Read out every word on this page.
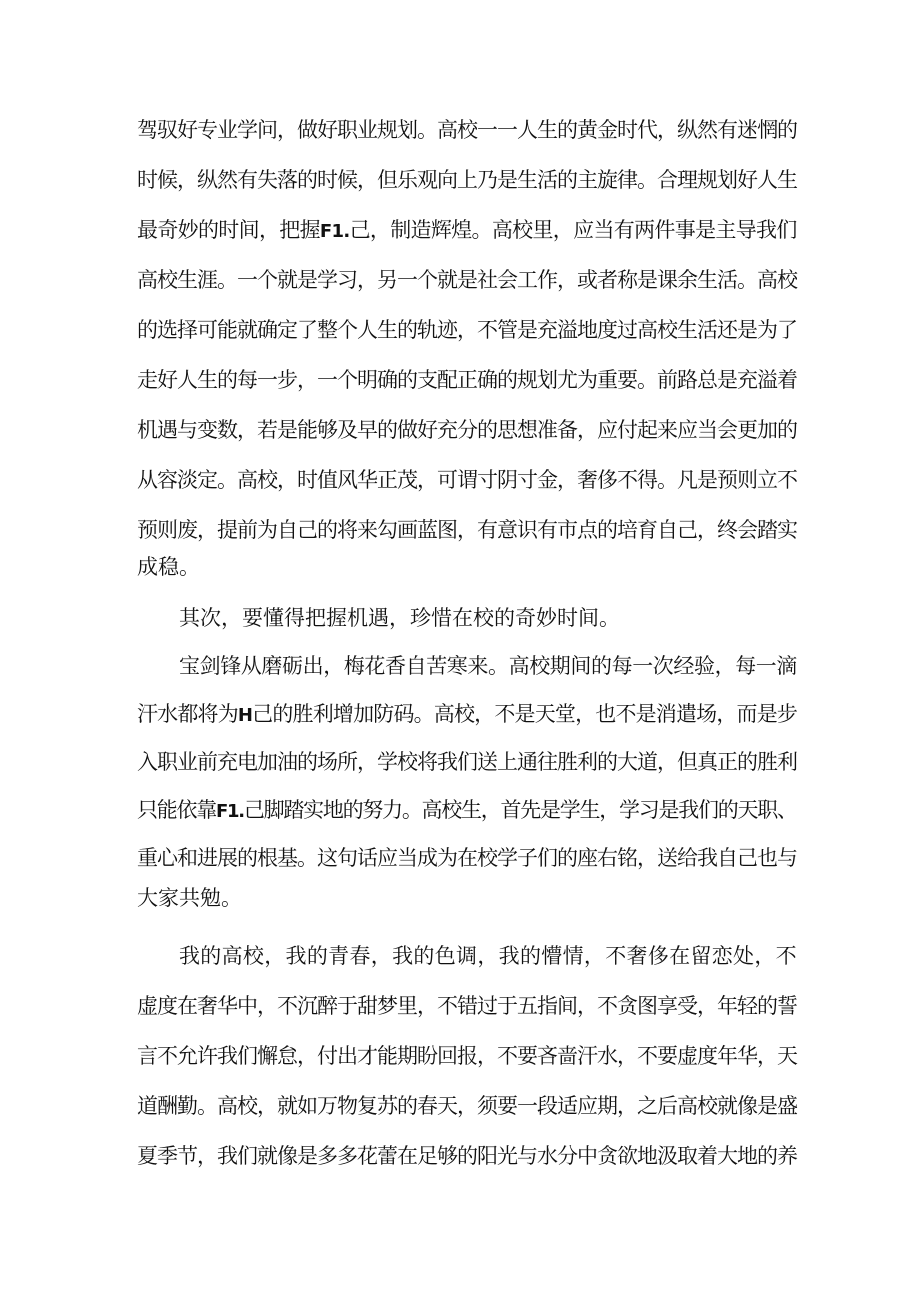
驾驭好专业学问，做好职业规划。高校一一人生的黄金时代，纵然有迷惘的
时候，纵然有失落的时候，但乐观向上乃是生活的主旋律。合理规划好人生
最奇妙的时间，把握F1.己，制造辉煌。高校里，应当有两件事是主导我们
高校生涯。一个就是学习，另一个就是社会工作，或者称是课余生活。高校
的选择可能就确定了整个人生的轨迹，不管是充溢地度过高校生活还是为了
走好人生的每一步，一个明确的支配正确的规划尤为重要。前路总是充溢着
机遇与变数，若是能够及早的做好充分的思想准备，应付起来应当会更加的
从容淡定。高校，时值风华正茂，可谓寸阴寸金，奢侈不得。凡是预则立不
预则废，提前为自己的将来勾画蓝图，有意识有市点的培育自己，终会踏实
成稳。
其次，要懂得把握机遇，珍惜在校的奇妙时间。
宝剑锋从磨砺出，梅花香自苦寒来。高校期间的每一次经验，每一滴
汗水都将为H己的胜利增加防码。高校，不是天堂，也不是消遣场，而是步
入职业前充电加油的场所，学校将我们送上通往胜利的大道，但真正的胜利
只能依靠F1.己脚踏实地的努力。高校生，首先是学生，学习是我们的天职、
重心和进展的根基。这句话应当成为在校学子们的座右铭，送给我自己也与
大家共勉。
我的高校，我的青春，我的色调，我的懵情，不奢侈在留恋处，不
虚度在奢华中，不沉醉于甜梦里，不错过于五指间，不贪图享受，年轻的誓
言不允许我们懈怠，付出才能期盼回报，不要吝啬汗水，不要虚度年华，天
道酬勤。高校，就如万物复苏的春天，须要一段适应期，之后高校就像是盛
夏季节，我们就像是多多花蕾在足够的阳光与水分中贪欲地汲取着大地的养
